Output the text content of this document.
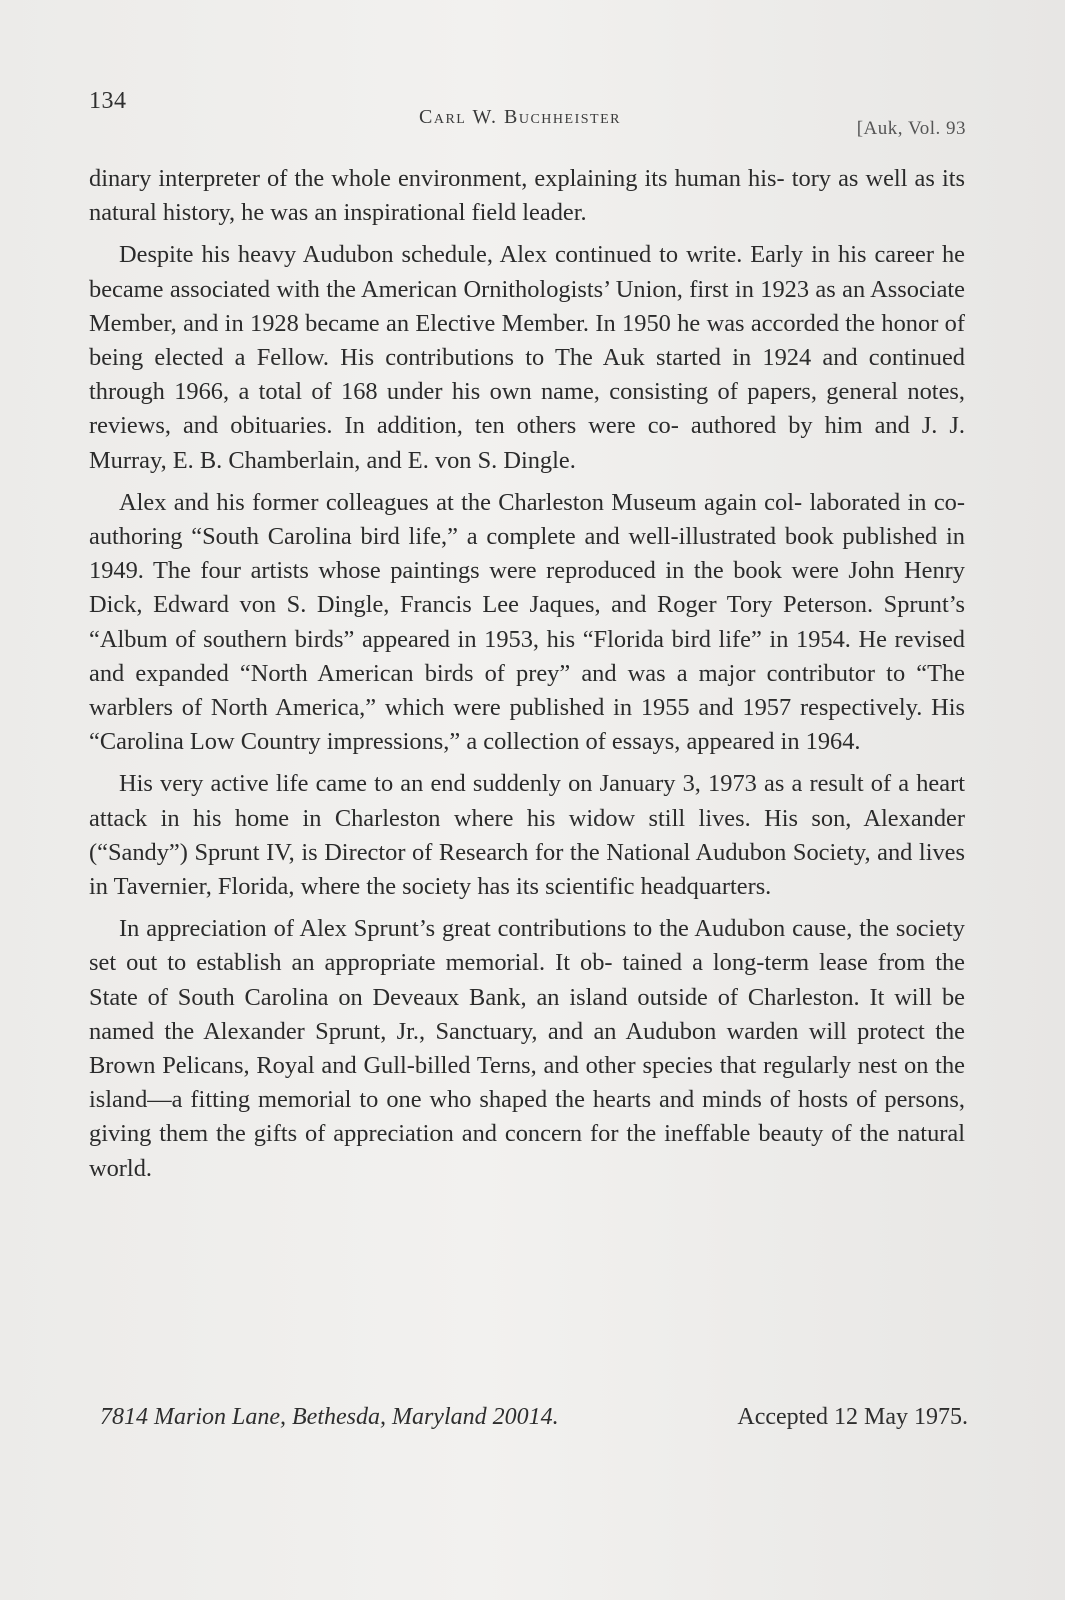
134
Carl W. Buchheister
[Auk, Vol. 93

dinary interpreter of the whole environment, explaining its human his- tory as well as its natural history, he was an inspirational field leader.

Despite his heavy Audubon schedule, Alex continued to write. Early in his career he became associated with the American Ornithologists’ Union, first in 1923 as an Associate Member, and in 1928 became an Elective Member. In 1950 he was accorded the honor of being elected a Fellow. His contributions to The Auk started in 1924 and continued through 1966, a total of 168 under his own name, consisting of papers, general notes, reviews, and obituaries. In addition, ten others were co- authored by him and J. J. Murray, E. B. Chamberlain, and E. von S. Dingle.

Alex and his former colleagues at the Charleston Museum again col- laborated in co-authoring “South Carolina bird life,” a complete and well-illustrated book published in 1949. The four artists whose paintings were reproduced in the book were John Henry Dick, Edward von S. Dingle, Francis Lee Jaques, and Roger Tory Peterson. Sprunt’s “Album of southern birds” appeared in 1953, his “Florida bird life” in 1954. He revised and expanded “North American birds of prey” and was a major contributor to “The warblers of North America,” which were published in 1955 and 1957 respectively. His “Carolina Low Country impressions,” a collection of essays, appeared in 1964.

His very active life came to an end suddenly on January 3, 1973 as a result of a heart attack in his home in Charleston where his widow still lives. His son, Alexander (“Sandy”) Sprunt IV, is Director of Research for the National Audubon Society, and lives in Tavernier, Florida, where the society has its scientific headquarters.

In appreciation of Alex Sprunt’s great contributions to the Audubon cause, the society set out to establish an appropriate memorial. It ob- tained a long-term lease from the State of South Carolina on Deveaux Bank, an island outside of Charleston. It will be named the Alexander Sprunt, Jr., Sanctuary, and an Audubon warden will protect the Brown Pelicans, Royal and Gull-billed Terns, and other species that regularly nest on the island—a fitting memorial to one who shaped the hearts and minds of hosts of persons, giving them the gifts of appreciation and concern for the ineffable beauty of the natural world.

7814 Marion Lane, Bethesda, Maryland 20014.	Accepted 12 May 1975.
